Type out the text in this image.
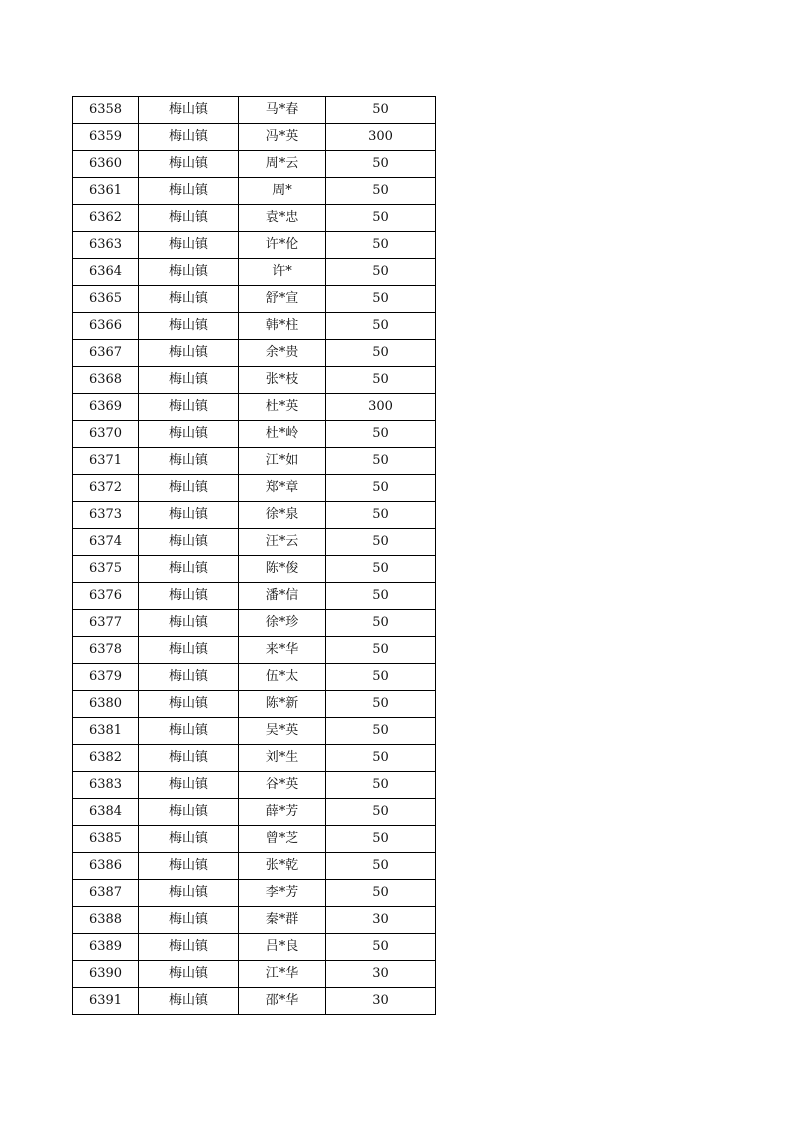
6358	梅山镇	马*春	50
6359	梅山镇	冯*英	300
6360	梅山镇	周*云	50
6361	梅山镇	周*	50
6362	梅山镇	袁*忠	50
6363	梅山镇	许*伦	50
6364	梅山镇	许*	50
6365	梅山镇	舒*宣	50
6366	梅山镇	韩*柱	50
6367	梅山镇	余*贵	50
6368	梅山镇	张*枝	50
6369	梅山镇	杜*英	300
6370	梅山镇	杜*岭	50
6371	梅山镇	江*如	50
6372	梅山镇	郑*章	50
6373	梅山镇	徐*泉	50
6374	梅山镇	汪*云	50
6375	梅山镇	陈*俊	50
6376	梅山镇	潘*信	50
6377	梅山镇	徐*珍	50
6378	梅山镇	来*华	50
6379	梅山镇	伍*太	50
6380	梅山镇	陈*新	50
6381	梅山镇	吴*英	50
6382	梅山镇	刘*生	50
6383	梅山镇	谷*英	50
6384	梅山镇	薛*芳	50
6385	梅山镇	曾*芝	50
6386	梅山镇	张*乾	50
6387	梅山镇	李*芳	50
6388	梅山镇	秦*群	30
6389	梅山镇	吕*良	50
6390	梅山镇	江*华	30
6391	梅山镇	邵*华	30
